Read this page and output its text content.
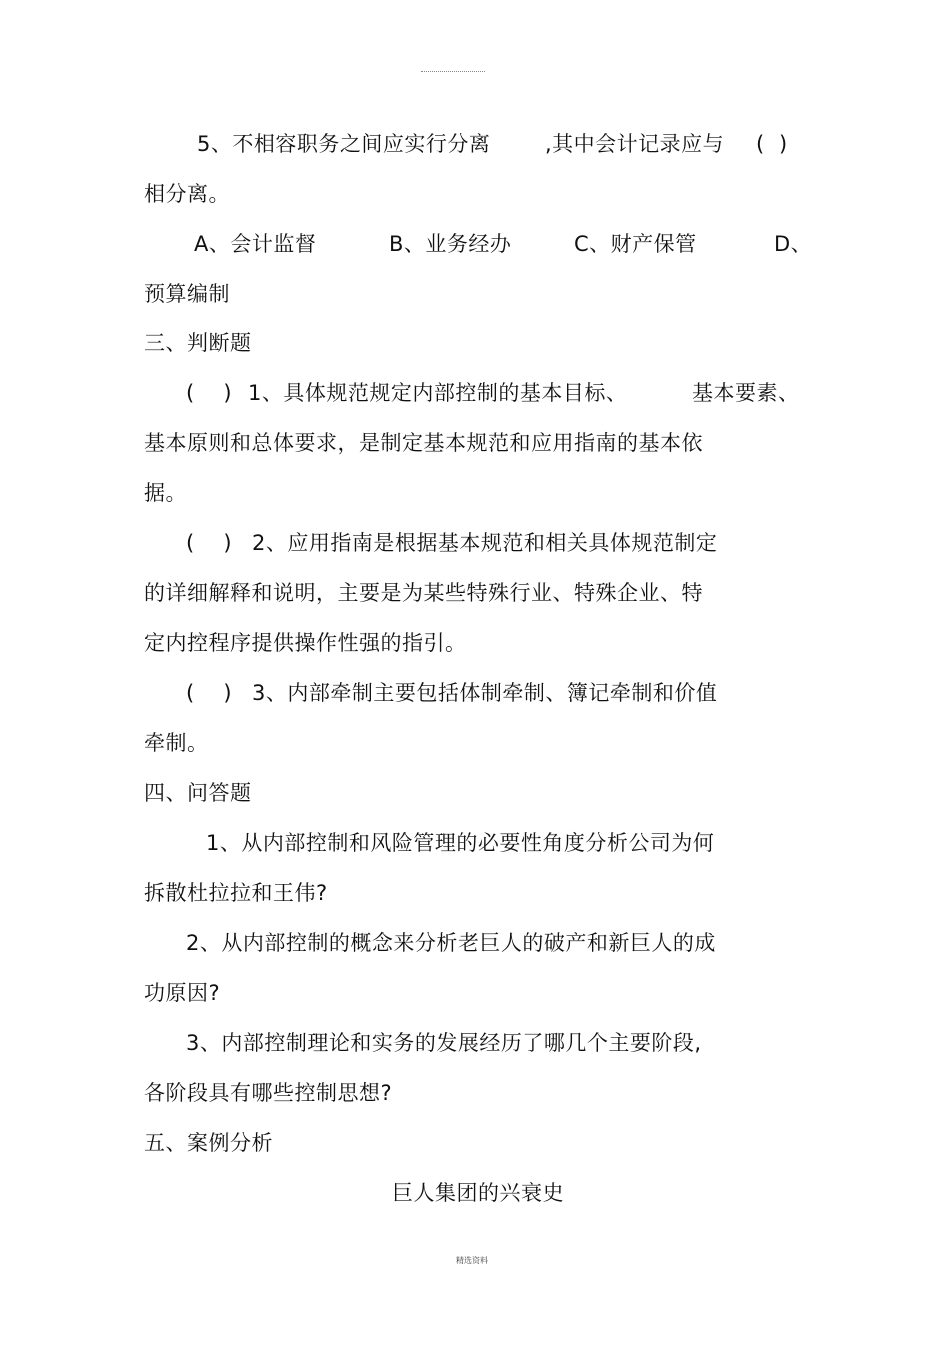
5、不相容职务之间应实行分离	,其中会计记录应与 (  )
相分离。
A、会计监督	B、业务经办	C、财产保管	D、
预算编制
三、判断题
(    ) 1、具体规范规定内部控制的基本目标、	基本要素、
基本原则和总体要求，是制定基本规范和应用指南的基本依
据。
(    ) 2、应用指南是根据基本规范和相关具体规范制定
的详细解释和说明，主要是为某些特殊行业、特殊企业、特
定内控程序提供操作性强的指引。
(    ) 3、内部牵制主要包括体制牵制、簿记牵制和价值
牵制。
四、问答题
1、从内部控制和风险管理的必要性角度分析公司为何
拆散杜拉拉和王伟?
2、从内部控制的概念来分析老巨人的破产和新巨人的成
功原因?
3、内部控制理论和实务的发展经历了哪几个主要阶段,
各阶段具有哪些控制思想?
五、案例分析
巨人集团的兴衰史
精选资料
